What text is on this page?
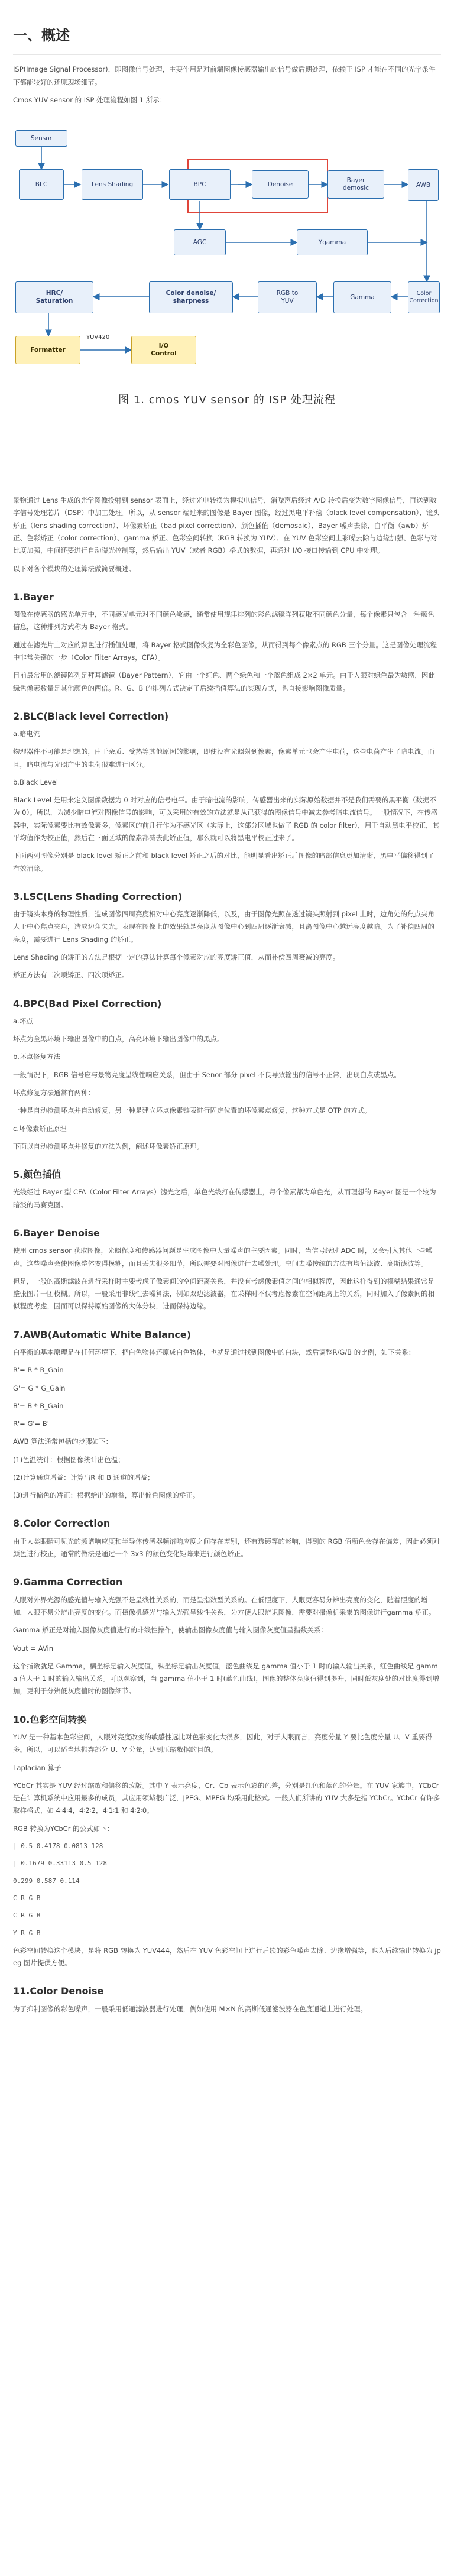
一、概述

ISP(Image Signal Processor)，即图像信号处理，主要作用是对前端图像传感器输出的信号做后期处理，依赖于 ISP 才能在不同的光学条件下都能较好的还原现场细节。

Cmos YUV sensor 的 ISP 处理流程如图 1 所示：

Sensor
BLC	Lens Shading	BPC	Denoise
Bayer
demosic	AWB
AGC	Ygamma
HRC/
Saturation
Color denoise/
sharpness
RGB to
YUV
Gamma	Color
Correction
Formatter
YUV420
I/O
Control
图 1. cmos YUV sensor 的 ISP 处理流程

景物通过 Lens 生成的光学图像投射到 sensor 表面上，经过光电转换为模拟电信号，消噪声后经过 A/D 转换后变为数字图像信号，再送到数字信号处理芯片（DSP）中加工处理。所以，从 sensor 端过来的图像是 Bayer 图像，经过黑电平补偿（black level compensation）、镜头矫正（lens shading correction）、坏像素矫正（bad pixel correction）、颜色插值（demosaic）、Bayer 噪声去除、白平衡（awb）矫正、色彩矫正（color correction）、gamma 矫正、色彩空间转换（RGB 转换为 YUV）、在 YUV 色彩空间上彩噪去除与边缘加强、色彩与对比度加强，中间还要进行自动曝光控制等，然后输出 YUV（或者 RGB）格式的数据，再通过 I/O 接口传输到 CPU 中处理。

以下对各个模块的处理算法做简要概述。

1.Bayer

图像在传感器的感光单元中，不同感光单元对不同颜色敏感，通常使用规律排列的彩色滤镜阵列获取不同颜色分量，每个像素只包含一种颜色信息，这种排列方式称为 Bayer 格式。

通过在滤光片上对应的颜色进行插值处理，将 Bayer 格式图像恢复为全彩色图像，从而得到每个像素点的 RGB 三个分量。这是图像处理流程中非常关键的一步（Color Filter Arrays，CFA）。

目前最常用的滤镜阵列是拜耳滤镜（Bayer Pattern），它由一个红色、两个绿色和一个蓝色组成 2×2 单元。由于人眼对绿色最为敏感，因此绿色像素数量是其他颜色的两倍。R、G、B 的排列方式决定了后续插值算法的实现方式，也直接影响图像质量。

2.BLC(Black level Correction)

a.暗电流

物理器件不可能是理想的，由于杂质、受热等其他原因的影响，即使没有光照射到像素，像素单元也会产生电荷，这些电荷产生了暗电流。而且，暗电流与光照产生的电荷很难进行区分。

b.Black Level

Black Level 是用来定义图像数据为 0 时对应的信号电平。由于暗电流的影响，传感器出来的实际原始数据并不是我们需要的黑平衡（数据不为 0）。所以，为减少暗电流对图像信号的影响，可以采用的有效的方法就是从已获得的图像信号中减去参考暗电流信号。一般情况下，在传感器中，实际像素要比有效像素多，像素区的前几行作为不感光区（实际上，这部分区域也做了 RGB 的 color filter），用于自动黑电平校正，其平均值作为校正值，然后在下面区域的像素都减去此矫正值，那么就可以将黑电平校正过来了。

下面两列图像分别是 black level 矫正之前和 black level 矫正之后的对比，能明显看出矫正后图像的暗部信息更加清晰，黑电平偏移得到了有效消除。

3.LSC(Lens Shading Correction)

由于镜头本身的物理性质，造成图像四周亮度相对中心亮度逐渐降低，以及，由于图像光照在透过镜头照射到 pixel 上时，边角处的焦点夹角大于中心焦点夹角，造成边角失光。表现在图像上的效果就是亮度从图像中心到四周逐渐衰减，且离图像中心越远亮度越暗。为了补偿四周的亮度，需要进行 Lens Shading 的矫正。

Lens Shading 的矫正的方法是根据一定的算法计算每个像素对应的亮度矫正值，从而补偿四周衰减的亮度。

矫正方法有二次项矫正、四次项矫正。

4.BPC(Bad Pixel Correction)

a.坏点

坏点为全黑环境下输出图像中的白点，高亮环境下输出图像中的黑点。

b.坏点修复方法

一般情况下，RGB 信号应与景物亮度呈线性响应关系，但由于 Senor 部分 pixel 不良导致输出的信号不正常，出现白点或黑点。

坏点修复方法通常有两种：

一种是自动检测坏点并自动修复，另一种是建立坏点像素链表进行固定位置的坏像素点修复，这种方式是 OTP 的方式。

c.坏像素矫正原理

下面以自动检测坏点并修复的方法为例，阐述坏像素矫正原理。

5.颜色插值

光线经过 Bayer 型 CFA（Color Filter Arrays）滤光之后，单色光线打在传感器上，每个像素都为单色光，从而理想的 Bayer 图是一个较为暗淡的马赛克图。

6.Bayer Denoise

使用 cmos sensor 获取图像，光照程度和传感器问题是生成图像中大量噪声的主要因素。同时，当信号经过 ADC 时，又会引入其他一些噪声。这些噪声会使图像整体变得模糊，而且丢失很多细节，所以需要对图像进行去噪处理。空间去噪传统的方法有均值滤波、高斯滤波等。

但是，一般的高斯滤波在进行采样时主要考虑了像素间的空间距离关系，并没有考虑像素值之间的相似程度，因此这样得到的模糊结果通常是整张图片一团模糊。所以，一般采用非线性去噪算法，例如双边滤波器，在采样时不仅考虑像素在空间距离上的关系，同时加入了像素间的相似程度考虑，因而可以保持原始图像的大体分块，进而保持边缘。

7.AWB(Automatic White Balance)

白平衡的基本原理是在任何环境下，把白色物体还原成白色物体，也就是通过找到图像中的白块，然后调整R/G/B 的比例，如下关系：

R'= R * R_Gain

G'= G * G_Gain

B'= B * B_Gain

R'= G'= B'

AWB 算法通常包括的步骤如下：

(1)色温统计：根据图像统计出色温；

(2)计算通道增益：计算出R 和 B 通道的增益；

(3)进行偏色的矫正：根据给出的增益，算出偏色图像的矫正。

8.Color Correction

由于人类眼睛可见光的频谱响应度和半导体传感器频谱响应度之间存在差别，还有透镜等的影响，得到的 RGB 值颜色会存在偏差，因此必须对颜色进行校正，通常的做法是通过一个 3x3 的颜色变化矩阵来进行颜色矫正。

9.Gamma Correction

人眼对外界光源的感光值与输入光强不是呈线性关系的，而是呈指数型关系的。在低照度下，人眼更容易分辨出亮度的变化，随着照度的增加，人眼不易分辨出亮度的变化。而摄像机感光与输入光强呈线性关系，为方便人眼辨识图像，需要对摄像机采集的图像进行gamma 矫正。

Gamma 矫正是对输入图像灰度值进行的非线性操作，使输出图像灰度值与输入图像灰度值呈指数关系：

Vout = AVin

这个指数就是 Gamma，横坐标是输入灰度值，纵坐标是输出灰度值，蓝色曲线是 gamma 值小于 1 时的输入输出关系，红色曲线是 gamma 值大于 1 时的输入输出关系。可以观察到，当 gamma 值小于 1 时(蓝色曲线)，图像的整体亮度值得到提升，同时低灰度处的对比度得到增加，更利于分辨低灰度值时的图像细节。

10.色彩空间转换

YUV 是一种基本色彩空间，人眼对亮度改变的敏感性远比对色彩变化大很多，因此，对于人眼而言，亮度分量 Y 要比色度分量 U、V 重要得多。所以，可以适当地抛弃部分 U、V 分量，达到压缩数据的目的。

Laplacian 算子

YCbCr 其实是 YUV 经过缩放和偏移的改版。其中 Y 表示亮度，Cr、Cb 表示色彩的色差，分别是红色和蓝色的分量。在 YUV 家族中，YCbCr 是在计算机系统中应用最多的成员，其应用领域很广泛，JPEG、MPEG 均采用此格式。一般人们所讲的 YUV 大多是指 YCbCr。YCbCr 有许多取样格式，如 4∶4∶4，4∶2∶2，4∶1∶1 和 4∶2∶0。

RGB 转换为YCbCr 的公式如下：

| 0.5 0.4178 0.0813 128

| 0.1679 0.33113 0.5 128

0.299 0.587 0.114

C R G B

C R G B

Y R G B

色彩空间转换这个模块，是将 RGB 转换为 YUV444，然后在 YUV 色彩空间上进行后续的彩色噪声去除、边缘增强等，也为后续输出转换为 jpeg 图片提供方便。

11.Color Denoise

为了抑制图像的彩色噪声，一般采用低通滤波器进行处理，例如使用 M×N 的高斯低通滤波器在色度通道上进行处理。
